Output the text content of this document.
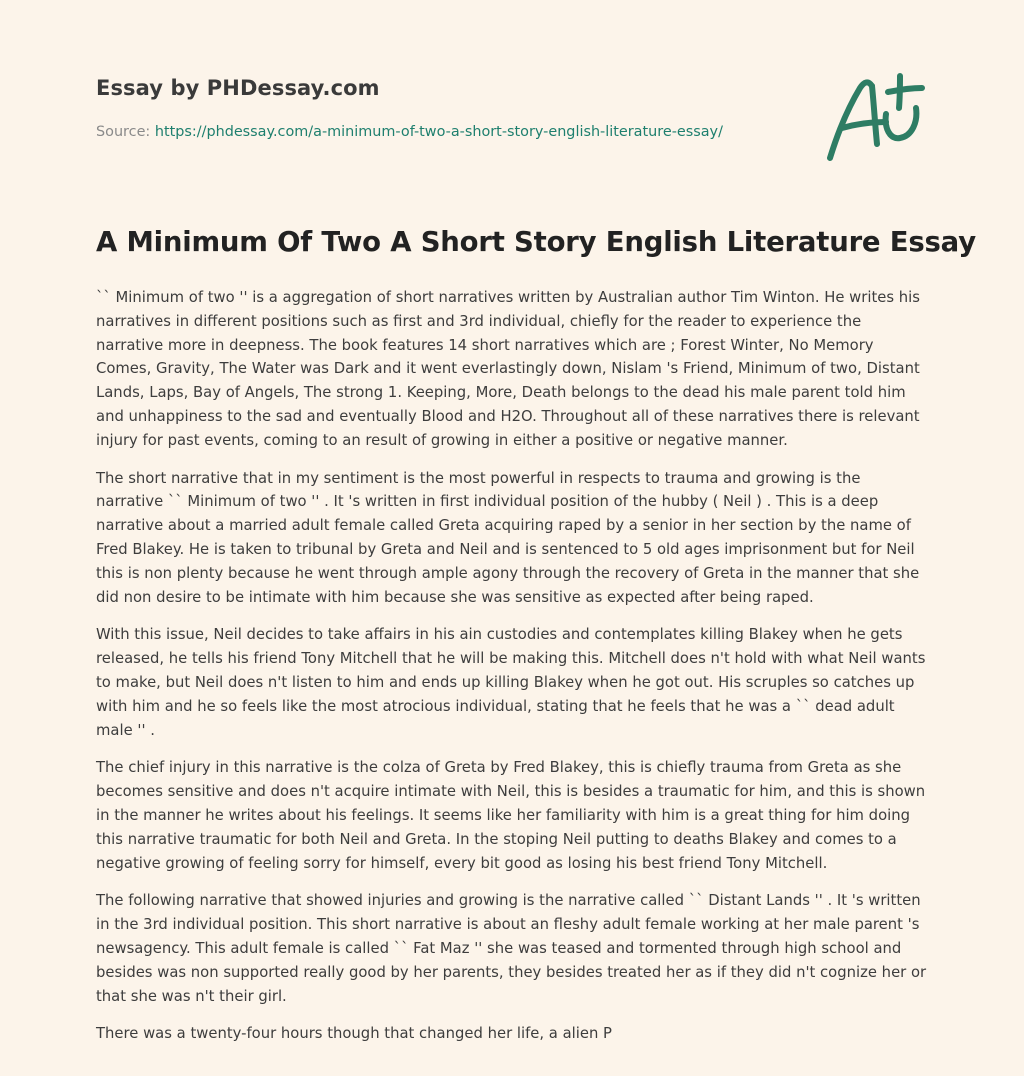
Essay by PHDessay.com

Source: https://phdessay.com/a-minimum-of-two-a-short-story-english-literature-essay/

A Minimum Of Two A Short Story English Literature Essay

`` Minimum of two '' is a aggregation of short narratives written by Australian author Tim Winton. He writes his narratives in different positions such as first and 3rd individual, chiefly for the reader to experience the narrative more in deepness. The book features 14 short narratives which are ; Forest Winter, No Memory Comes, Gravity, The Water was Dark and it went everlastingly down, Nislam 's Friend, Minimum of two, Distant Lands, Laps, Bay of Angels, The strong 1. Keeping, More, Death belongs to the dead his male parent told him and unhappiness to the sad and eventually Blood and H2O. Throughout all of these narratives there is relevant injury for past events, coming to an result of growing in either a positive or negative manner.

The short narrative that in my sentiment is the most powerful in respects to trauma and growing is the narrative `` Minimum of two '' . It 's written in first individual position of the hubby ( Neil ) . This is a deep narrative about a married adult female called Greta acquiring raped by a senior in her section by the name of Fred Blakey. He is taken to tribunal by Greta and Neil and is sentenced to 5 old ages imprisonment but for Neil this is non plenty because he went through ample agony through the recovery of Greta in the manner that she did non desire to be intimate with him because she was sensitive as expected after being raped.

With this issue, Neil decides to take affairs in his ain custodies and contemplates killing Blakey when he gets released, he tells his friend Tony Mitchell that he will be making this. Mitchell does n't hold with what Neil wants to make, but Neil does n't listen to him and ends up killing Blakey when he got out. His scruples so catches up with him and he so feels like the most atrocious individual, stating that he feels that he was a `` dead adult male '' .

The chief injury in this narrative is the colza of Greta by Fred Blakey, this is chiefly trauma from Greta as she becomes sensitive and does n't acquire intimate with Neil, this is besides a traumatic for him, and this is shown in the manner he writes about his feelings. It seems like her familiarity with him is a great thing for him doing this narrative traumatic for both Neil and Greta. In the stoping Neil putting to deaths Blakey and comes to a negative growing of feeling sorry for himself, every bit good as losing his best friend Tony Mitchell.

The following narrative that showed injuries and growing is the narrative called `` Distant Lands '' . It 's written in the 3rd individual position. This short narrative is about an fleshy adult female working at her male parent 's newsagency. This adult female is called `` Fat Maz '' she was teased and tormented through high school and besides was non supported really good by her parents, they besides treated her as if they did n't cognize her or that she was n't their girl.

There was a twenty-four hours though that changed her life, a alien P
